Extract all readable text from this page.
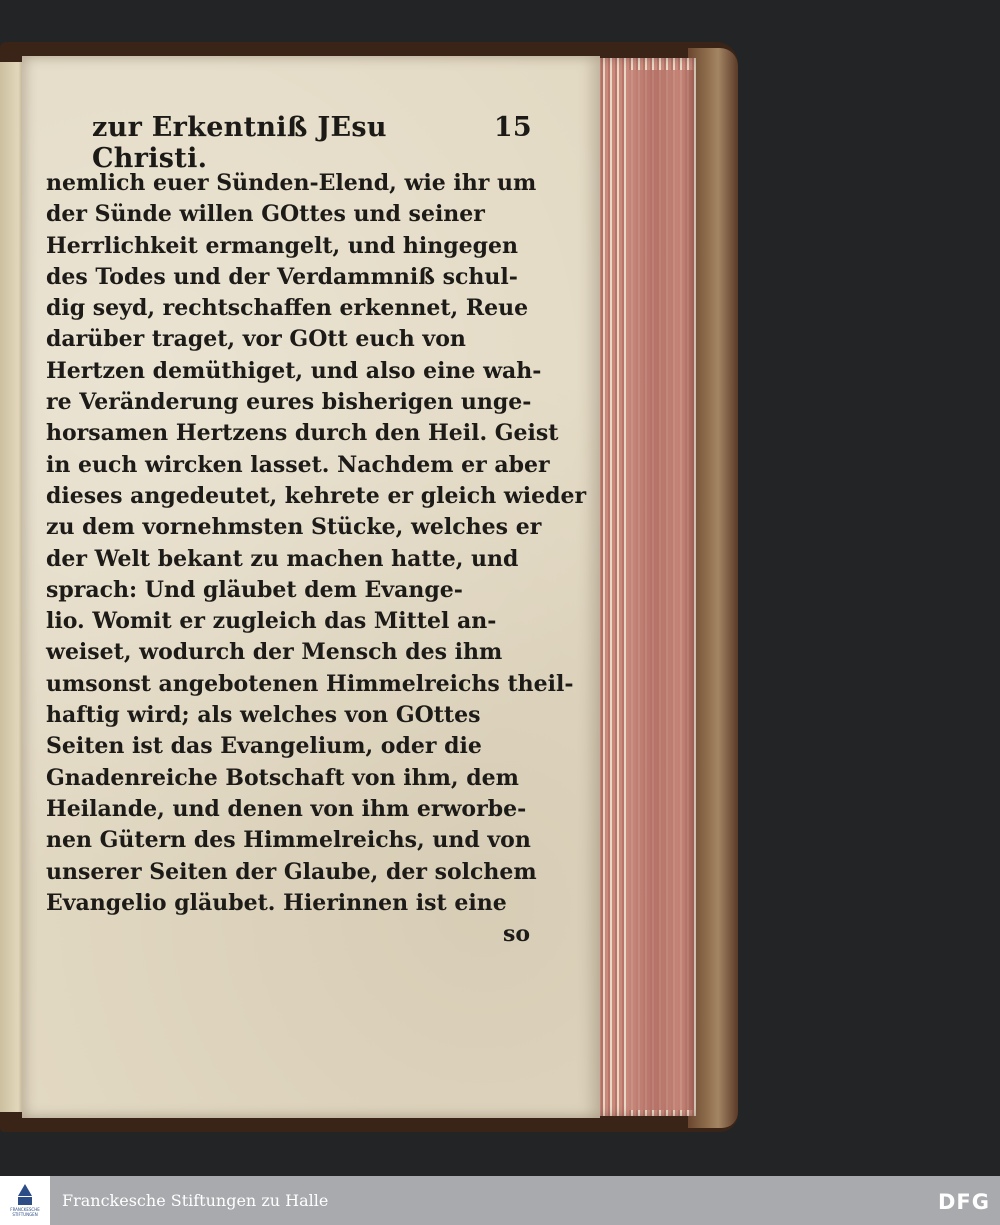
zur Erkentniß JEsu Christi.
15
nemlich euer Sünden-Elend, wie ihr um
der Sünde willen GOttes und seiner
Herrlichkeit ermangelt, und hingegen
des Todes und der Verdammniß schul-
dig seyd, rechtschaffen erkennet, Reue
darüber traget, vor GOtt euch von
Hertzen demüthiget, und also eine wah-
re Veränderung eures bisherigen unge-
horsamen Hertzens durch den Heil. Geist
in euch wircken lasset. Nachdem er aber
dieses angedeutet, kehrete er gleich wieder
zu dem vornehmsten Stücke, welches er
der Welt bekant zu machen hatte, und
sprach: Und gläubet dem Evange-
lio. Womit er zugleich das Mittel an-
weiset, wodurch der Mensch des ihm
umsonst angebotenen Himmelreichs theil-
haftig wird; als welches von GOttes
Seiten ist das Evangelium, oder die
Gnadenreiche Botschaft von ihm, dem
Heilande, und denen von ihm erworbe-
nen Gütern des Himmelreichs, und von
unserer Seiten der Glaube, der solchem
Evangelio gläubet. Hierinnen ist eine
so
FRANCKESCHE STIFTUNGEN
Franckesche Stiftungen zu Halle	DFG
